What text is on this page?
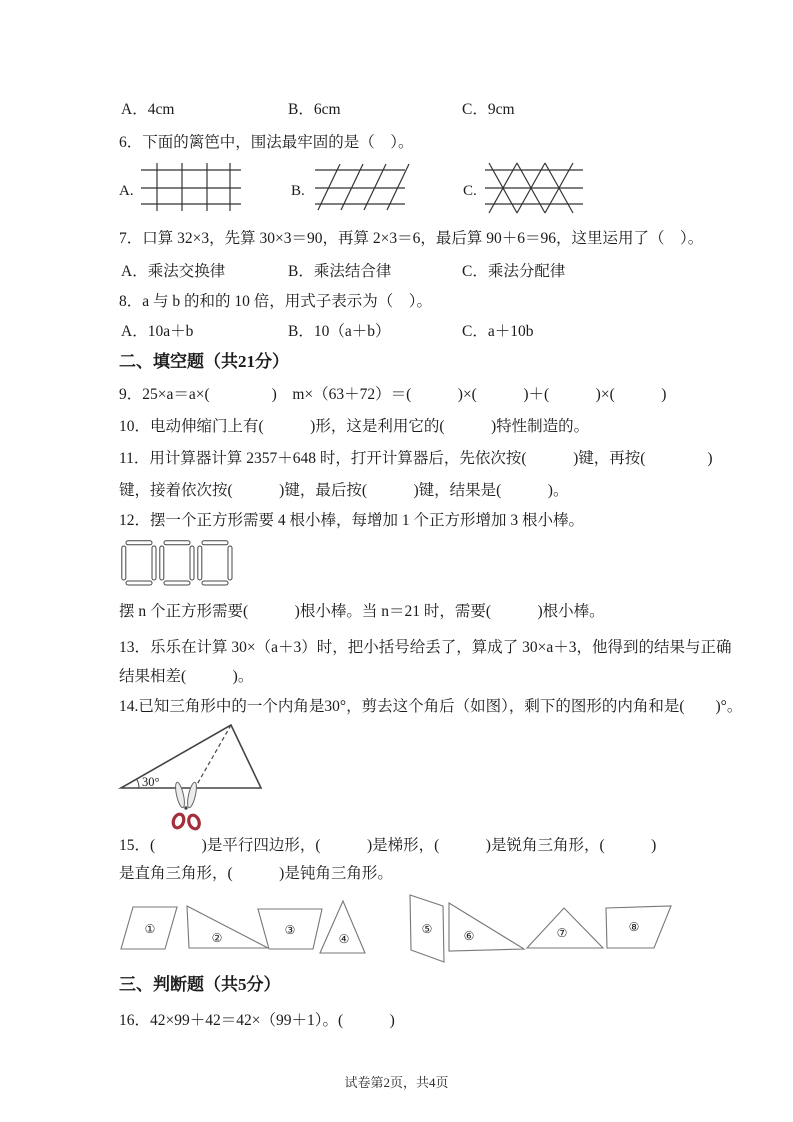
A．4cm	B．6cm	C．9cm
6．下面的篱笆中，围法最牢固的是（　）。
A.	B.	C.
7．口算 32×3，先算 30×3＝90，再算 2×3＝6，最后算 90＋6＝96，这里运用了（　）。
A．乘法交换律	B．乘法结合律	C．乘法分配律
8．a 与 b 的和的 10 倍，用式子表示为（　）。
A．10a＋b	B．10（a＋b）	C．a＋10b
二、填空题（共21分）
9．25×a＝a×(　　　　)　m×（63＋72）＝(　　　)×(　　　)＋(　　　)×(　　　)
10．电动伸缩门上有(　　　)形，这是利用它的(　　　)特性制造的。
11．用计算器计算 2357＋648 时，打开计算器后，先依次按(　　　)键，再按(　　　　)
键，接着依次按(　　　)键，最后按(　　　)键，结果是(　　　)。
12．摆一个正方形需要 4 根小棒，每增加 1 个正方形增加 3 根小棒。
摆 n 个正方形需要(　　　)根小棒。当 n＝21 时，需要(　　　)根小棒。
13．乐乐在计算 30×（a＋3）时，把小括号给丢了，算成了 30×a＋3，他得到的结果与正确
结果相差(　　　)。
14.已知三角形中的一个内角是30°，剪去这个角后（如图），剩下的图形的内角和是(　　)°。
30°
15．(　　　)是平行四边形，(　　　)是梯形，(　　　)是锐角三角形，(　　　)
是直角三角形，(　　　)是钝角三角形。
①
②
③
④
⑤	⑥	⑦	⑧
三、判断题（共5分）
16．42×99＋42＝42×（99＋1）。(　　　)
试卷第2页，共4页
